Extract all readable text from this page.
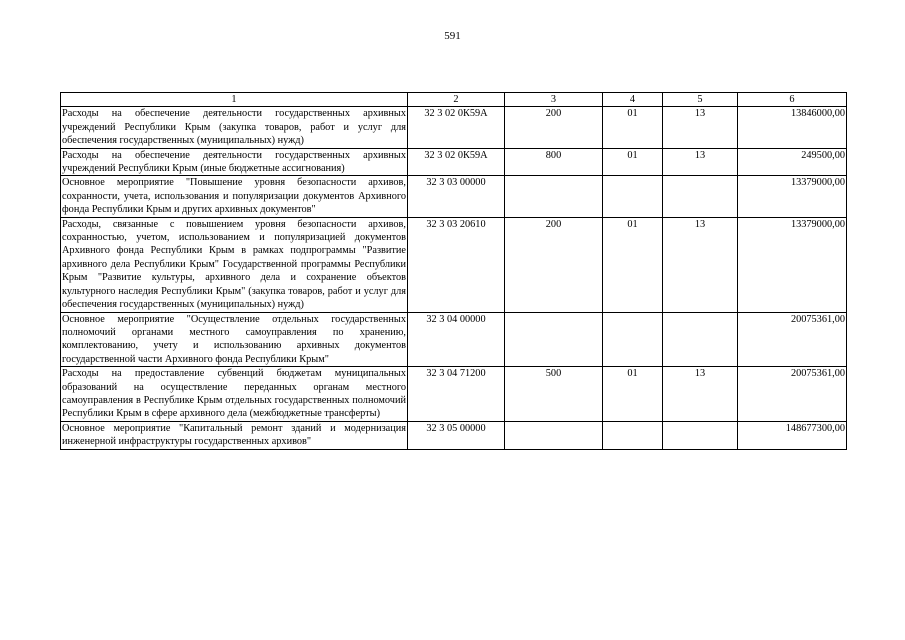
591
1	2	3	4	5	6
Расходы на обеспечение деятельности государственных архивных учреждений Республики Крым (закупка товаров, работ и услуг для обеспечения государственных (муниципальных) нужд)	32 3 02 0К59А	200	01	13	13846000,00
Расходы на обеспечение деятельности государственных архивных учреждений Республики Крым (иные бюджетные ассигнования)	32 3 02 0К59А	800	01	13	249500,00
Основное мероприятие "Повышение уровня безопасности архивов, сохранности, учета, использования и популяризации документов Архивного фонда Республики Крым и других архивных документов"	32 3 03 00000				13379000,00
Расходы, связанные с повышением уровня безопасности архивов, сохранностью, учетом, использованием и популяризацией документов Архивного фонда Республики Крым в рамках подпрограммы "Развитие архивного дела Республики Крым" Государственной программы Республики Крым "Развитие культуры, архивного дела и сохранение объектов культурного наследия Республики Крым" (закупка товаров, работ и услуг для обеспечения государственных (муниципальных) нужд)	32 3 03 20610	200	01	13	13379000,00
Основное мероприятие "Осуществление отдельных государственных полномочий органами местного самоуправления по хранению, комплектованию, учету и использованию архивных документов государственной части Архивного фонда Республики Крым"	32 3 04 00000				20075361,00
Расходы на предоставление субвенций бюджетам муниципальных образований на осуществление переданных органам местного самоуправления в Республике Крым отдельных государственных полномочий Республики Крым в сфере архивного дела (межбюджетные трансферты)	32 3 04 71200	500	01	13	20075361,00
Основное мероприятие "Капитальный ремонт зданий и модернизация инженерной инфраструктуры государственных архивов"	32 3 05 00000				148677300,00
